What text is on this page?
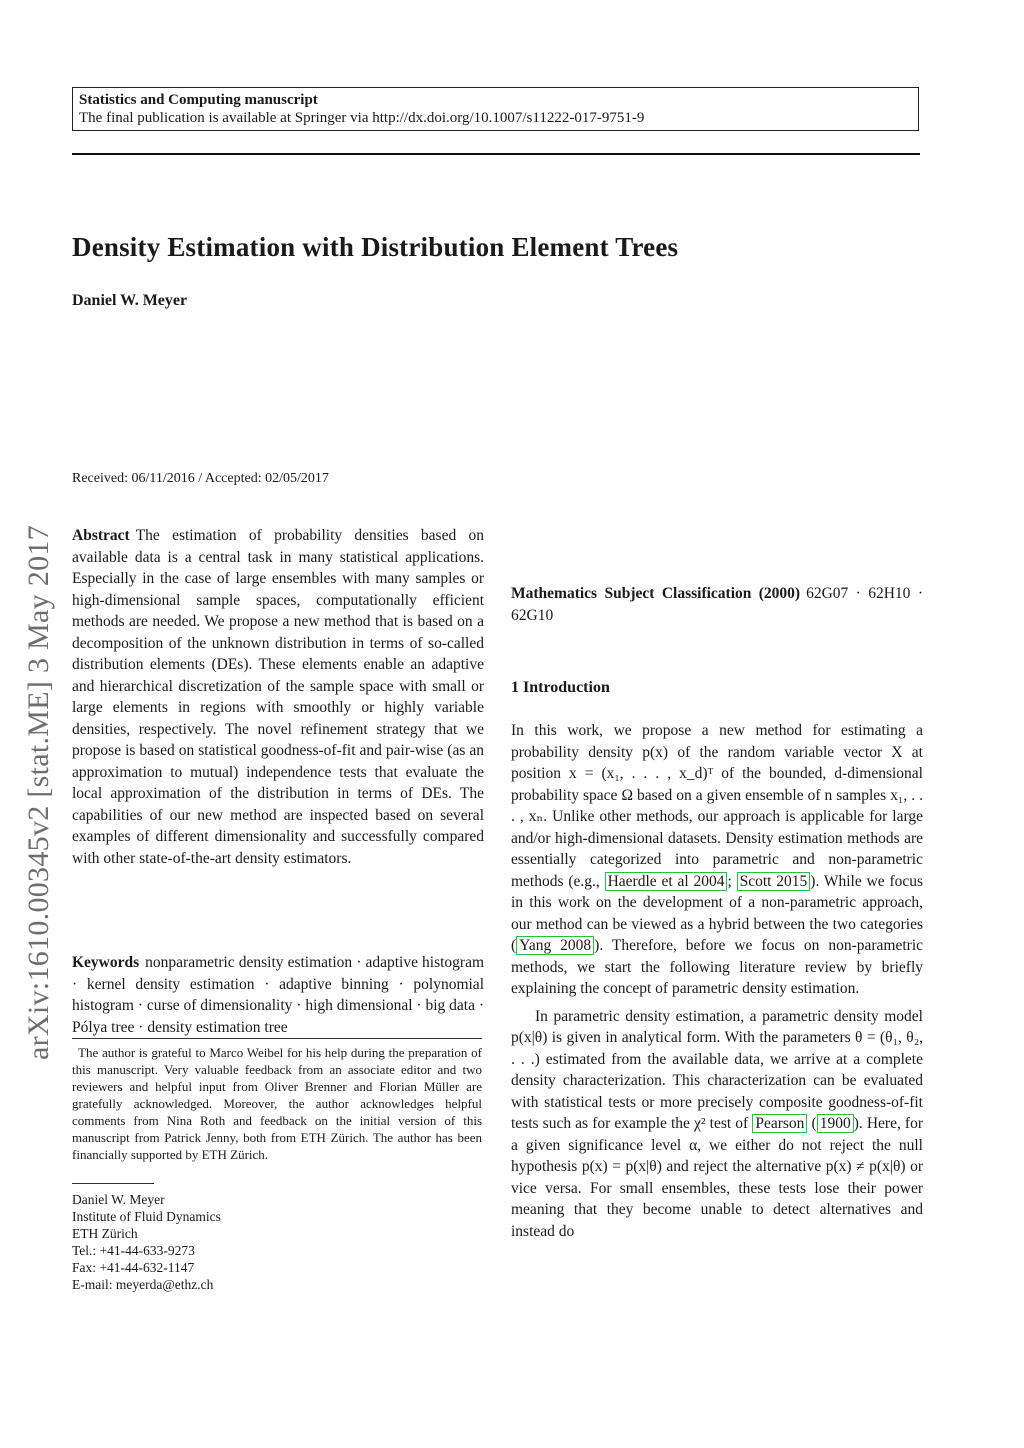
Statistics and Computing manuscript
The final publication is available at Springer via http://dx.doi.org/10.1007/s11222-017-9751-9
Density Estimation with Distribution Element Trees
Daniel W. Meyer
Received: 06/11/2016 / Accepted: 02/05/2017
arXiv:1610.00345v2 [stat.ME] 3 May 2017 Abstract The estimation of probability densities based on available data is a central task in many statistical applications. Especially in the case of large ensembles with many samples or high-dimensional sample spaces, computationally efficient methods are needed. We propose a new method that is based on a decomposition of the unknown distribution in terms of so-called distribution elements (DEs). These elements enable an adaptive and hierarchical discretization of the sample space with small or large elements in regions with smoothly or highly variable densities, respectively. The novel refinement strategy that we propose is based on statistical goodness-of-fit and pair-wise (as an approximation to mutual) independence tests that evaluate the local approximation of the distribution in terms of DEs. The capabilities of our new method are inspected based on several examples of different dimensionality and successfully compared with other state-of-the-art density estimators.
Keywords nonparametric density estimation · adaptive histogram · kernel density estimation · adaptive binning · polynomial histogram · curse of dimensionality · high dimensional · big data · Pólya tree · density estimation tree
The author is grateful to Marco Weibel for his help during the preparation of this manuscript. Very valuable feedback from an associate editor and two reviewers and helpful input from Oliver Brenner and Florian Müller are gratefully acknowledged. Moreover, the author acknowledges helpful comments from Nina Roth and feedback on the initial version of this manuscript from Patrick Jenny, both from ETH Zürich. The author has been financially supported by ETH Zürich.
Daniel W. Meyer
Institute of Fluid Dynamics
ETH Zürich
Tel.: +41-44-633-9273
Fax: +41-44-632-1147
E-mail: meyerda@ethz.ch
Mathematics Subject Classification (2000) 62G07 · 62H10 · 62G10
1 Introduction

In this work, we propose a new method for estimating a probability density p(x) of the random variable vector X at position x = (x₁, . . . , x_d)ᵀ of the bounded, d-dimensional probability space Ω based on a given ensemble of n samples x₁, . . . , xₙ. Unlike other methods, our approach is applicable for large and/or high-dimensional datasets. Density estimation methods are essentially categorized into parametric and non-parametric methods (e.g., Haerdle et al 2004 ; Scott 2015 ). While we focus in this work on the development of a non-parametric approach, our method can be viewed as a hybrid between the two categories ( Yang 2008 ). Therefore, before we focus on non-parametric methods, we start the following literature review by briefly explaining the concept of parametric density estimation.

In parametric density estimation, a parametric density model p(x|θ) is given in analytical form. With the parameters θ = (θ₁, θ₂, . . .) estimated from the available data, we arrive at a complete density characterization. This characterization can be evaluated with statistical tests or more precisely composite goodness-of-fit tests such as for example the χ² test of Pearson ( 1900 ). Here, for a given significance level α, we either do not reject the null hypothesis p(x) = p(x|θ) and reject the alternative p(x) ≠ p(x|θ) or vice versa. For small ensembles, these tests lose their power meaning that they become unable to detect alternatives and instead do
